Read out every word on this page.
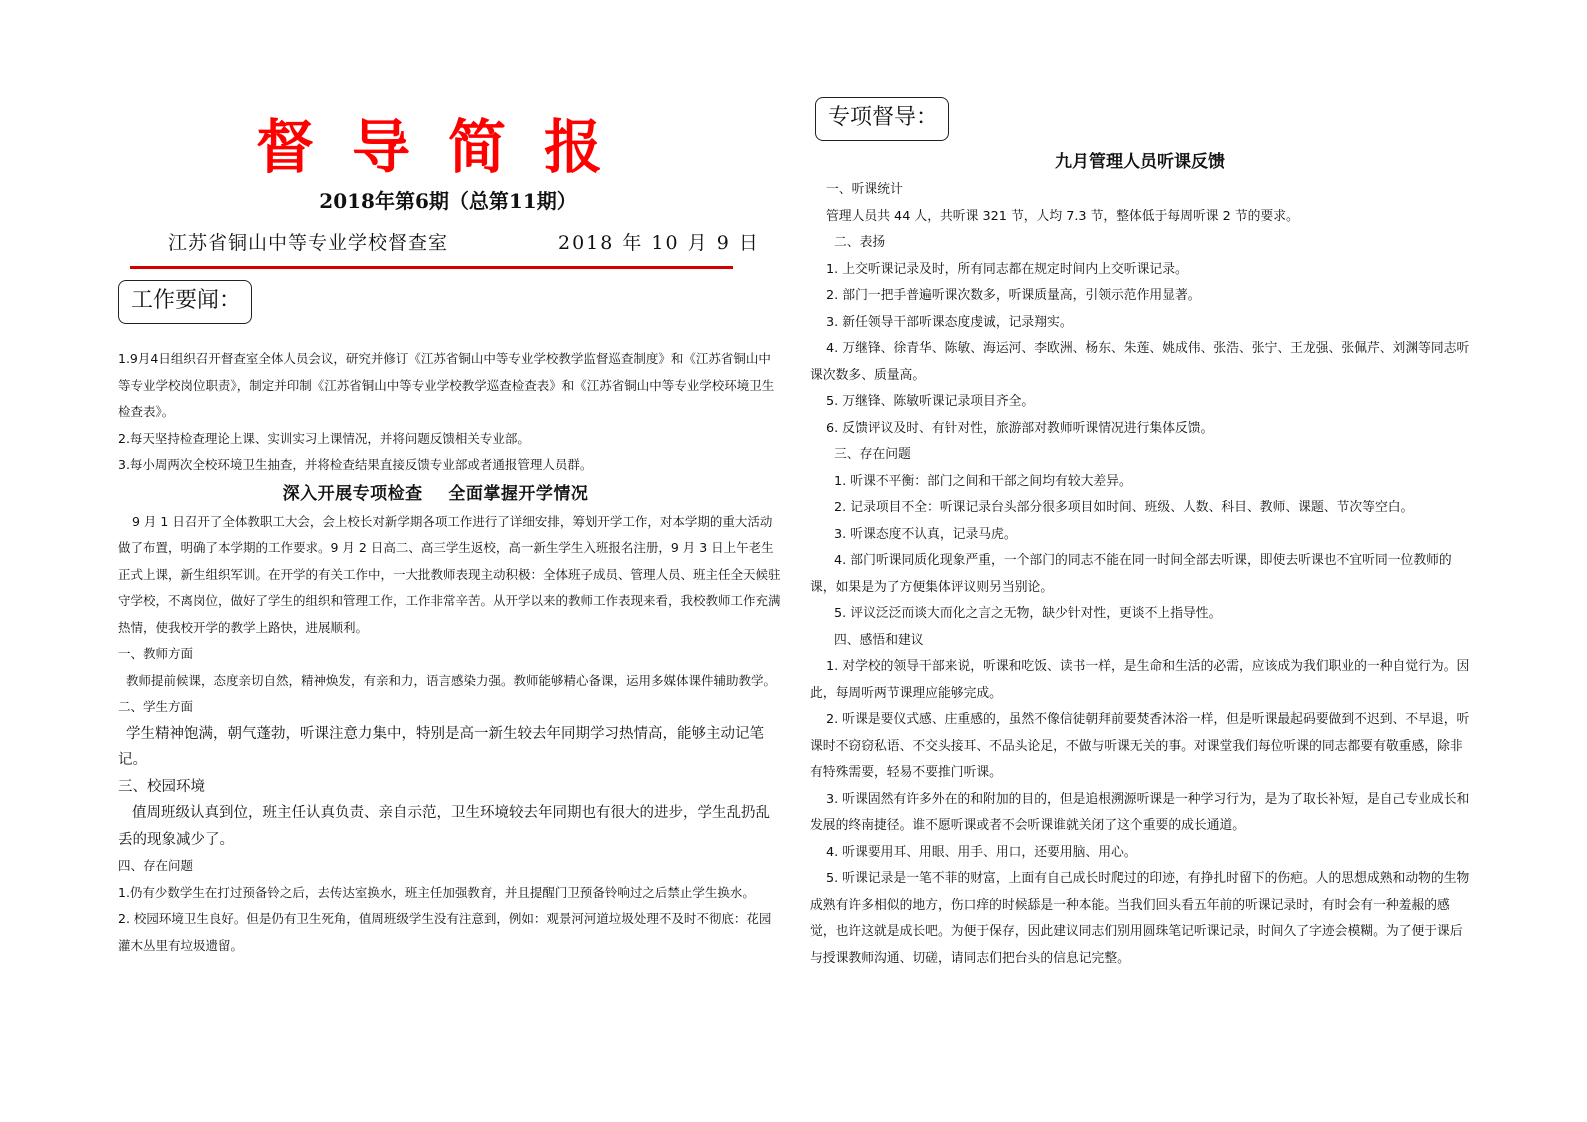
督导简报
2018年第6期（总第11期）
江苏省铜山中等专业学校督查室	2018 年 10 月 9 日
工作要闻：

1.9月4日组织召开督查室全体人员会议，研究并修订《江苏省铜山中等专业学校教学监督巡查制度》和《江苏省铜山中等专业学校岗位职责》，制定并印制《江苏省铜山中等专业学校教学巡查检查表》和《江苏省铜山中等专业学校环境卫生检查表》。

2.每天坚持检查理论上课、实训实习上课情况，并将问题反馈相关专业部。

3.每小周两次全校环境卫生抽查，并将检查结果直接反馈专业部或者通报管理人员群。

深入开展专项检查    全面掌握开学情况

9 月 1 日召开了全体教职工大会，会上校长对新学期各项工作进行了详细安排，筹划开学工作，对本学期的重大活动做了布置，明确了本学期的工作要求。9 月 2 日高二、高三学生返校，高一新生学生入班报名注册，9 月 3 日上午老生正式上课，新生组织军训。在开学的有关工作中，一大批教师表现主动积极：全体班子成员、管理人员、班主任全天候驻守学校，不离岗位，做好了学生的组织和管理工作，工作非常辛苦。从开学以来的教师工作表现来看，我校教师工作充满热情，使我校开学的教学上路快，进展顺利。

一、教师方面

教师提前候课，态度亲切自然，精神焕发，有亲和力，语言感染力强。教师能够精心备课，运用多媒体课件辅助教学。

二、学生方面

学生精神饱满，朝气蓬勃，听课注意力集中，特别是高一新生较去年同期学习热情高，能够主动记笔记。

三、校园环境

值周班级认真到位，班主任认真负责、亲自示范，卫生环境较去年同期也有很大的进步，学生乱扔乱丢的现象减少了。

四、存在问题

1.仍有少数学生在打过预备铃之后，去传达室换水，班主任加强教育，并且提醒门卫预备铃响过之后禁止学生换水。

2. 校园环境卫生良好。但是仍有卫生死角，值周班级学生没有注意到，例如：观景河河道垃圾处理不及时不彻底：花园灌木丛里有垃圾遗留。

专项督导：

九月管理人员听课反馈

一、听课统计

管理人员共 44 人，共听课 321 节，人均 7.3 节，整体低于每周听课 2 节的要求。

二、表扬

1. 上交听课记录及时，所有同志都在规定时间内上交听课记录。

2. 部门一把手普遍听课次数多，听课质量高，引领示范作用显著。

3. 新任领导干部听课态度虔诚，记录翔实。

4. 万继锋、徐青华、陈敏、海运河、李欧洲、杨东、朱莲、姚成伟、张浩、张宁、王龙强、张佩芹、刘渊等同志听课次数多、质量高。

5. 万继锋、陈敏听课记录项目齐全。

6. 反馈评议及时、有针对性，旅游部对教师听课情况进行集体反馈。

三、存在问题

1. 听课不平衡：部门之间和干部之间均有较大差异。

2. 记录项目不全：听课记录台头部分很多项目如时间、班级、人数、科目、教师、课题、节次等空白。

3. 听课态度不认真，记录马虎。

4. 部门听课同质化现象严重，一个部门的同志不能在同一时间全部去听课，即使去听课也不宜听同一位教师的课，如果是为了方便集体评议则另当别论。

5. 评议泛泛而谈大而化之言之无物，缺少针对性，更谈不上指导性。

四、感悟和建议

1. 对学校的领导干部来说，听课和吃饭、读书一样，是生命和生活的必需，应该成为我们职业的一种自觉行为。因此，每周听两节课理应能够完成。

2. 听课是要仪式感、庄重感的，虽然不像信徒朝拜前要焚香沐浴一样，但是听课最起码要做到不迟到、不早退，听课时不窃窃私语、不交头接耳、不品头论足，不做与听课无关的事。对课堂我们每位听课的同志都要有敬重感，除非有特殊需要，轻易不要推门听课。

3. 听课固然有许多外在的和附加的目的，但是追根溯源听课是一种学习行为，是为了取长补短，是自己专业成长和发展的终南捷径。谁不愿听课或者不会听课谁就关闭了这个重要的成长通道。

4. 听课要用耳、用眼、用手、用口，还要用脑、用心。

5. 听课记录是一笔不菲的财富，上面有自己成长时爬过的印迹，有挣扎时留下的伤疤。人的思想成熟和动物的生物成熟有许多相似的地方，伤口痒的时候舔是一种本能。当我们回头看五年前的听课记录时，有时会有一种羞赧的感觉，也许这就是成长吧。为便于保存，因此建议同志们别用圆珠笔记听课记录，时间久了字迹会模糊。为了便于课后与授课教师沟通、切磋，请同志们把台头的信息记完整。
